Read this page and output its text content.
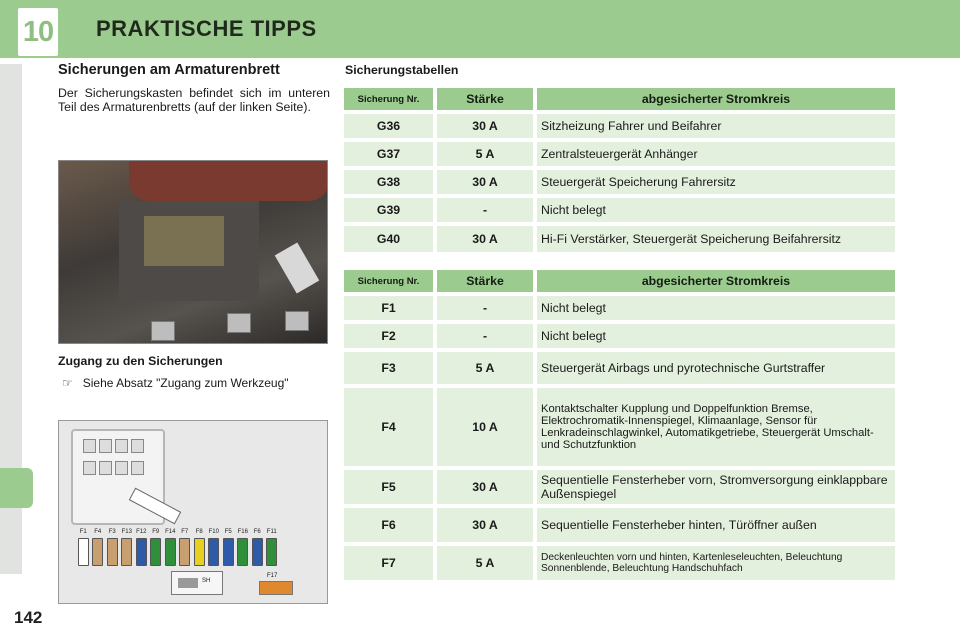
10 PRAKTISCHE TIPPS
142
Sicherungen am Armaturenbrett

Der Sicherungskasten befindet sich im unteren Teil des Armaturenbretts (auf der linken Seite).

Zugang zu den Sicherungen
☞ Siehe Absatz "Zugang zum Werkzeug"
F1 F4 F3 F13 F12 F9 F14 F7 F8 F10 F5 F16 F6 F11
SH
F17
Sicherungstabellen
Sicherung Nr.	Stärke	abgesicherter Stromkreis
G36	30 A	Sitzheizung Fahrer und Beifahrer
G37	5 A	Zentralsteuergerät Anhänger
G38	30 A	Steuergerät Speicherung Fahrersitz
G39	-	Nicht belegt
G40	30 A	Hi-Fi Verstärker, Steuergerät Speicherung Beifahrersitz
Sicherung Nr.	Stärke	abgesicherter Stromkreis
F1	-	Nicht belegt
F2	-	Nicht belegt
F3	5 A	Steuergerät Airbags und pyrotechnische Gurtstraffer
F4	10 A	Kontaktschalter Kupplung und Doppelfunktion Bremse, Elektrochromatik-Innenspiegel, Klimaanlage, Sensor für Lenkradeinschlagwinkel, Automatikgetriebe, Steuergerät Umschalt- und Schutzfunktion
F5	30 A	Sequentielle Fensterheber vorn, Stromversorgung einklappbare Außenspiegel
F6	30 A	Sequentielle Fensterheber hinten, Türöffner außen
F7	5 A	Deckenleuchten vorn und hinten, Kartenleseleuchten, Beleuchtung Sonnenblende, Beleuchtung Handschuhfach
